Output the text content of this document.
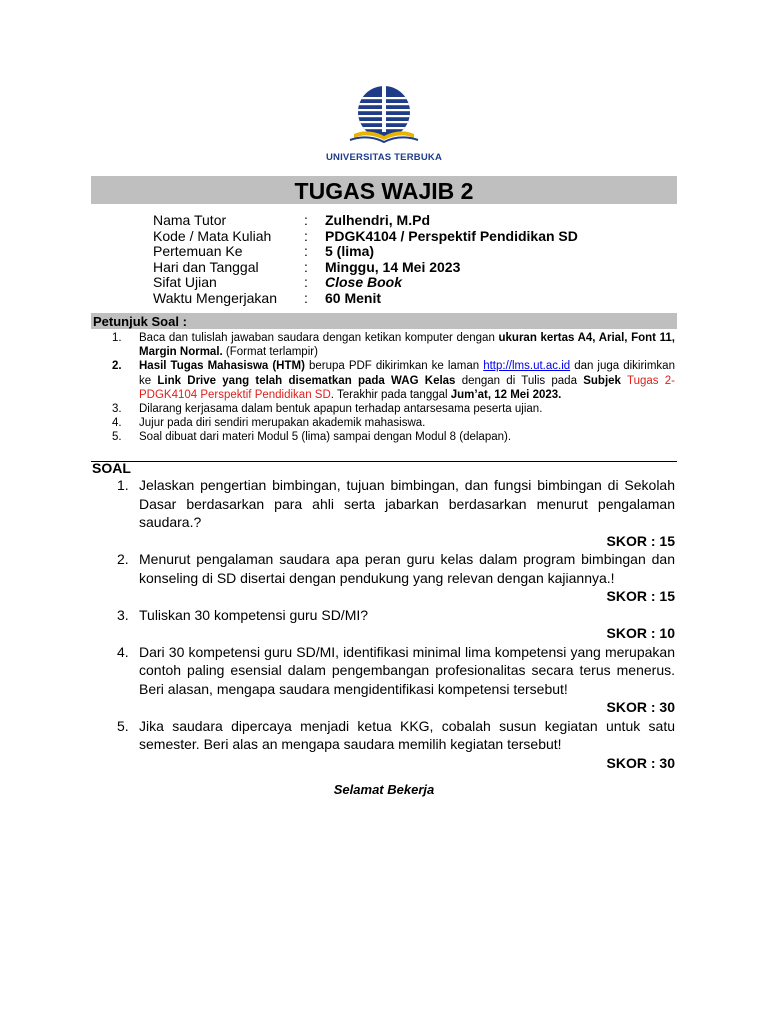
UNIVERSITAS TERBUKA
TUGAS WAJIB 2
Nama Tutor	: Zulhendri, M.Pd
Kode / Mata Kuliah : PDGK4104 / Perspektif Pendidikan SD
Pertemuan Ke	: 5 (lima)
Hari dan Tanggal	: Minggu, 14 Mei 2023
Sifat Ujian	: Close Book
Waktu Mengerjakan : 60 Menit
Petunjuk Soal :
1. Baca dan tulislah jawaban saudara dengan ketikan komputer dengan ukuran kertas A4, Arial, Font 11, Margin Normal. (Format terlampir)
2. Hasil Tugas Mahasiswa (HTM) berupa PDF dikirimkan ke laman http://lms.ut.ac.id dan juga dikirimkan ke Link Drive yang telah disematkan pada WAG Kelas dengan di Tulis pada Subjek Tugas 2- PDGK4104 Perspektif Pendidikan SD. Terakhir pada tanggal Jum’at, 12 Mei 2023.
3. Dilarang kerjasama dalam bentuk apapun terhadap antarsesama peserta ujian.
4. Jujur pada diri sendiri merupakan akademik mahasiswa.
5. Soal dibuat dari materi Modul 5 (lima) sampai dengan Modul 8 (delapan).
SOAL
1. Jelaskan pengertian bimbingan, tujuan bimbingan, dan fungsi bimbingan di Sekolah Dasar berdasarkan para ahli serta jabarkan berdasarkan menurut pengalaman saudara.?
SKOR : 15
2. Menurut pengalaman saudara apa peran guru kelas dalam program bimbingan dan konseling di SD disertai dengan pendukung yang relevan dengan kajiannya.!
SKOR : 15
3. Tuliskan 30 kompetensi guru SD/MI?
SKOR : 10
4. Dari 30 kompetensi guru SD/MI, identifikasi minimal lima kompetensi yang merupakan contoh paling esensial dalam pengembangan profesionalitas secara terus menerus. Beri alasan, mengapa saudara mengidentifikasi kompetensi tersebut!
SKOR : 30
5. Jika saudara dipercaya menjadi ketua KKG, cobalah susun kegiatan untuk satu semester. Beri alas an mengapa saudara memilih kegiatan tersebut!
SKOR : 30
Selamat Bekerja
